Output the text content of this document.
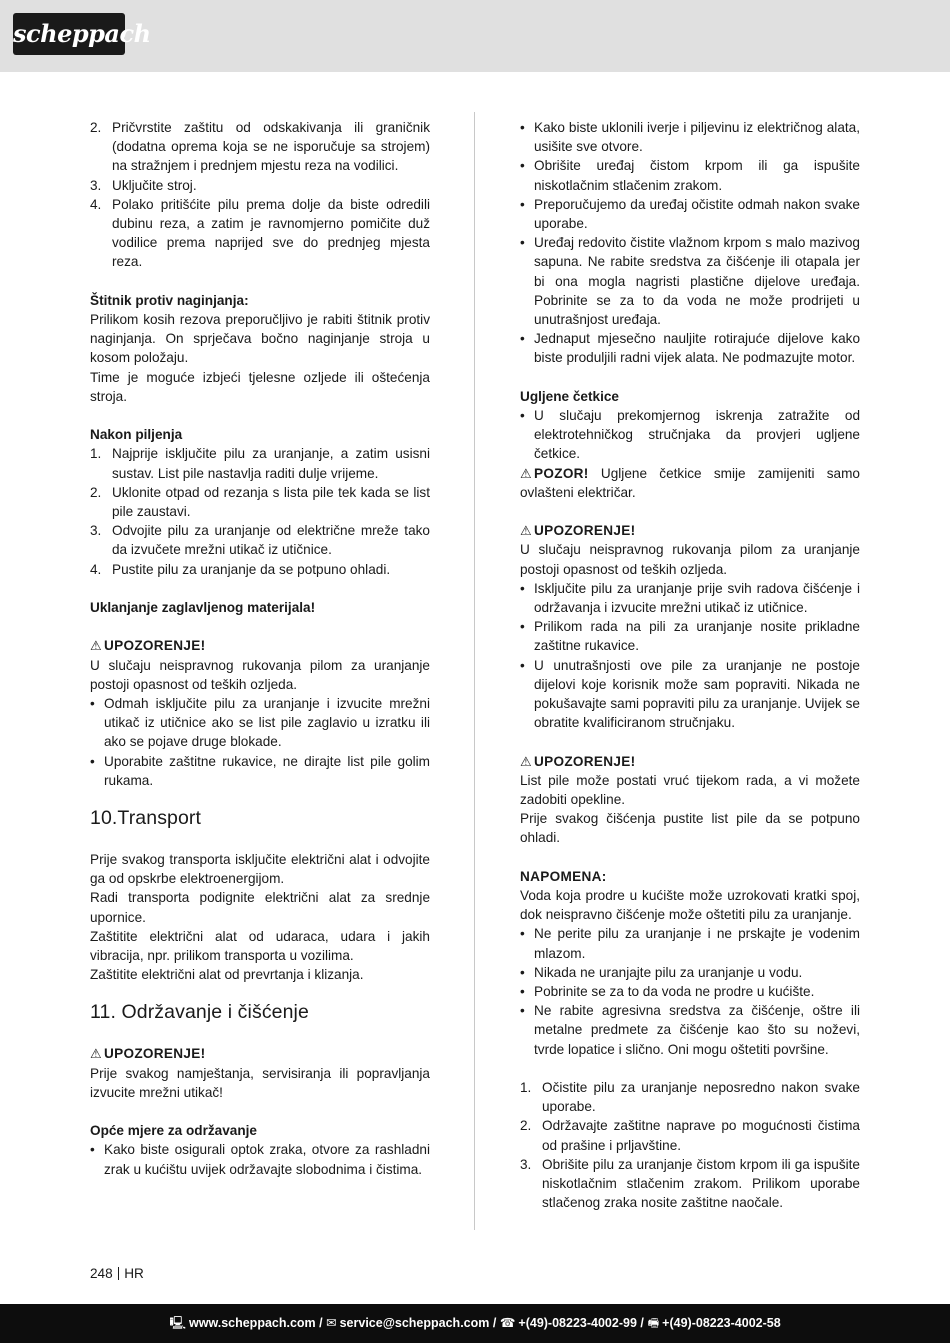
scheppach
2. Pričvrstite zaštitu od odskakivanja ili graničnik (dodatna oprema koja se ne isporučuje sa strojem) na stražnjem i prednjem mjestu reza na vodilici.
3. Uključite stroj.
4. Polako pritišćite pilu prema dolje da biste odredili dubinu reza, a zatim je ravnomjerno pomičite duž vodilice prema naprijed sve do prednjeg mjesta reza.
Štitnik protiv naginjanja:
Prilikom kosih rezova preporučljivo je rabiti štitnik protiv naginjanja. On sprječava bočno naginjanje stroja u kosom položaju.
Time je moguće izbjeći tjelesne ozljede ili oštećenja stroja.
Nakon piljenja
1. Najprije isključite pilu za uranjanje, a zatim usisni sustav. List pile nastavlja raditi dulje vrijeme.
2. Uklonite otpad od rezanja s lista pile tek kada se list pile zaustavi.
3. Odvojite pilu za uranjanje od električne mreže tako da izvučete mrežni utikač iz utičnice.
4. Pustite pilu za uranjanje da se potpuno ohladi.
Uklanjanje zaglavljenog materijala!
⚠ UPOZORENJE!
U slučaju neispravnog rukovanja pilom za uranjanje postoji opasnost od teških ozljeda.
• Odmah isključite pilu za uranjanje i izvucite mrežni utikač iz utičnice ako se list pile zaglavio u izratku ili ako se pojave druge blokade.
• Uporabite zaštitne rukavice, ne dirajte list pile golim rukama.
10.Transport
Prije svakog transporta isključite električni alat i odvojite ga od opskrbe elektroenergijom.
Radi transporta podignite električni alat za srednje upornice.
Zaštitite električni alat od udaraca, udara i jakih vibracija, npr. prilikom transporta u vozilima.
Zaštitite električni alat od prevrtanja i klizanja.
11. Održavanje i čišćenje
⚠ UPOZORENJE!
Prije svakog namještanja, servisiranja ili popravljanja izvucite mrežni utikač!
Opće mjere za održavanje
• Kako biste osigurali optok zraka, otvore za rashladni zrak u kućištu uvijek održavajte slobodnima i čistima.
• Kako biste uklonili iverje i piljevinu iz električnog alata, usišite sve otvore.
• Obrišite uređaj čistom krpom ili ga ispušite niskotlačnim stlačenim zrakom.
• Preporučujemo da uređaj očistite odmah nakon svake uporabe.
• Uređaj redovito čistite vlažnom krpom s malo mazivog sapuna. Ne rabite sredstva za čišćenje ili otapala jer bi ona mogla nagristi plastične dijelove uređaja. Pobrinite se za to da voda ne može prodrijeti u unutrašnjost uređaja.
• Jednaput mjesečno nauljite rotirajuće dijelove kako biste produljili radni vijek alata. Ne podmazujte motor.
Ugljene četkice
• U slučaju prekomjernog iskrenja zatražite od elektrotehničkog stručnjaka da provjeri ugljene četkice.
⚠ POZOR! Ugljene četkice smije zamijeniti samo ovlašteni električar.
⚠ UPOZORENJE!
U slučaju neispravnog rukovanja pilom za uranjanje postoji opasnost od teških ozljeda.
• Isključite pilu za uranjanje prije svih radova čišćenje i održavanja i izvucite mrežni utikač iz utičnice.
• Prilikom rada na pili za uranjanje nosite prikladne zaštitne rukavice.
• U unutrašnjosti ove pile za uranjanje ne postoje dijelovi koje korisnik može sam popraviti. Nikada ne pokušavajte sami popraviti pilu za uranjanje. Uvijek se obratite kvalificiranom stručnjaku.
⚠ UPOZORENJE!
List pile može postati vruć tijekom rada, a vi možete zadobiti opekline.
Prije svakog čišćenja pustite list pile da se potpuno ohladi.
NAPOMENA:
Voda koja prodre u kućište može uzrokovati kratki spoj, dok neispravno čišćenje može oštetiti pilu za uranjanje.
• Ne perite pilu za uranjanje i ne prskajte je vodenim mlazom.
• Nikada ne uranjajte pilu za uranjanje u vodu.
• Pobrinite se za to da voda ne prodre u kućište.
• Ne rabite agresivna sredstva za čišćenje, oštre ili metalne predmete za čišćenje kao što su noževi, tvrde lopatice i slično. Oni mogu oštetiti površine.
1. Očistite pilu za uranjanje neposredno nakon svake uporabe.
2. Održavajte zaštitne naprave po mogućnosti čistima od prašine i prljavštine.
3. Obrišite pilu za uranjanje čistom krpom ili ga ispušite niskotlačnim stlačenim zrakom. Prilikom uporabe stlačenog zraka nosite zaštitne naočale.
248 HR
🖳 www.scheppach.com / ✉ service@scheppach.com / ☎ +(49)-08223-4002-99 / 🖷 +(49)-08223-4002-58
